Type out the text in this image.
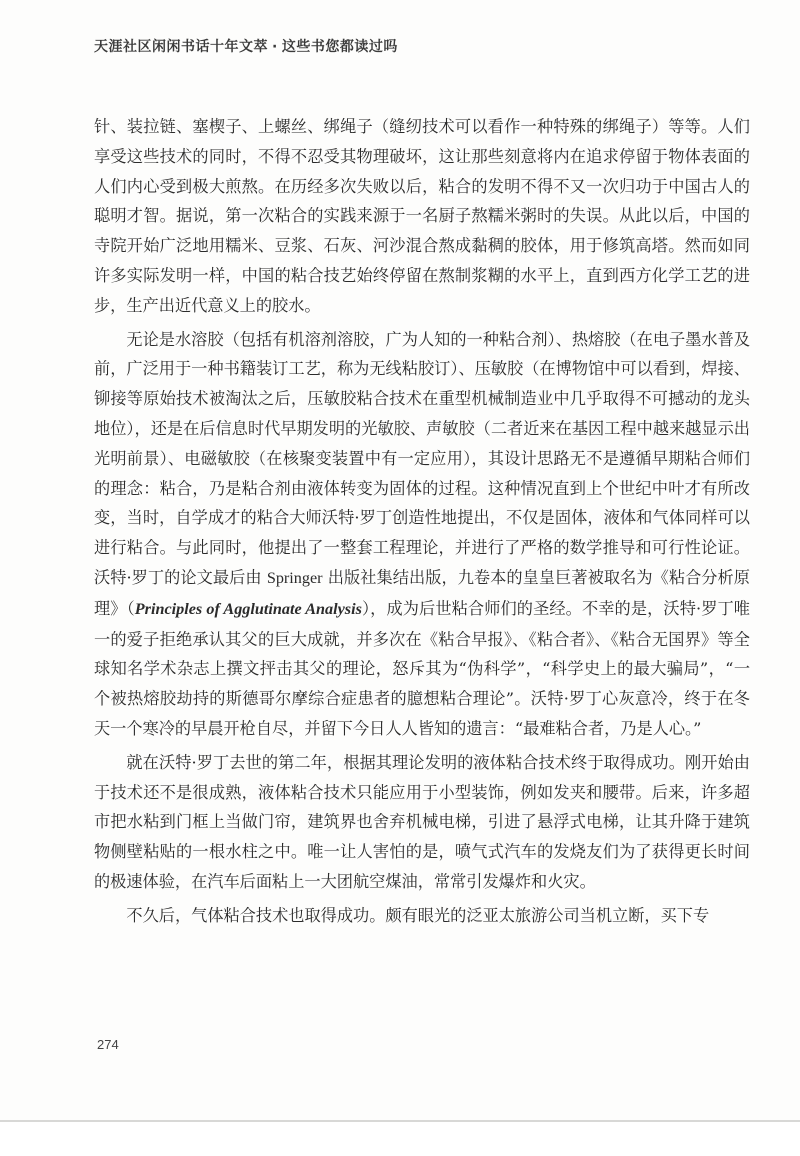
天涯社区闲闲书话十年文萃 · 这些书您都读过吗

针、装拉链、塞楔子、上螺丝、绑绳子（缝纫技术可以看作一种特殊的绑绳子）等等。人们享受这些技术的同时，不得不忍受其物理破坏，这让那些刻意将内在追求停留于物体表面的人们内心受到极大煎熬。在历经多次失败以后，粘合的发明不得不又一次归功于中国古人的聪明才智。据说，第一次粘合的实践来源于一名厨子熬糯米粥时的失误。从此以后，中国的寺院开始广泛地用糯米、豆浆、石灰、河沙混合熬成黏稠的胶体，用于修筑高塔。然而如同许多实际发明一样，中国的粘合技艺始终停留在熬制浆糊的水平上，直到西方化学工艺的进步，生产出近代意义上的胶水。

无论是水溶胶（包括有机溶剂溶胶，广为人知的一种粘合剂）、热熔胶（在电子墨水普及前，广泛用于一种书籍装订工艺，称为无线粘胶订）、压敏胶（在博物馆中可以看到，焊接、铆接等原始技术被淘汰之后，压敏胶粘合技术在重型机械制造业中几乎取得不可撼动的龙头地位），还是在后信息时代早期发明的光敏胶、声敏胶（二者近来在基因工程中越来越显示出光明前景）、电磁敏胶（在核聚变装置中有一定应用），其设计思路无不是遵循早期粘合师们的理念：粘合，乃是粘合剂由液体转变为固体的过程。这种情况直到上个世纪中叶才有所改变，当时，自学成才的粘合大师沃特·罗丁创造性地提出，不仅是固体，液体和气体同样可以进行粘合。与此同时，他提出了一整套工程理论，并进行了严格的数学推导和可行性论证。沃特·罗丁的论文最后由 Springer 出版社集结出版，九卷本的皇皇巨著被取名为《粘合分析原理》（Principles of Agglutinate Analysis），成为后世粘合师们的圣经。不幸的是，沃特·罗丁唯一的爱子拒绝承认其父的巨大成就，并多次在《粘合早报》、《粘合者》、《粘合无国界》等全球知名学术杂志上撰文抨击其父的理论，怒斥其为“伪科学”，“科学史上的最大骗局”，“一个被热熔胶劫持的斯德哥尔摩综合症患者的臆想粘合理论”。沃特·罗丁心灰意冷，终于在冬天一个寒冷的早晨开枪自尽，并留下今日人人皆知的遗言：“最难粘合者，乃是人心。”

就在沃特·罗丁去世的第二年，根据其理论发明的液体粘合技术终于取得成功。刚开始由于技术还不是很成熟，液体粘合技术只能应用于小型装饰，例如发夹和腰带。后来，许多超市把水粘到门框上当做门帘，建筑界也舍弃机械电梯，引进了悬浮式电梯，让其升降于建筑物侧壁粘贴的一根水柱之中。唯一让人害怕的是，喷气式汽车的发烧友们为了获得更长时间的极速体验，在汽车后面粘上一大团航空煤油，常常引发爆炸和火灾。

不久后，气体粘合技术也取得成功。颇有眼光的泛亚太旅游公司当机立断，买下专

274
